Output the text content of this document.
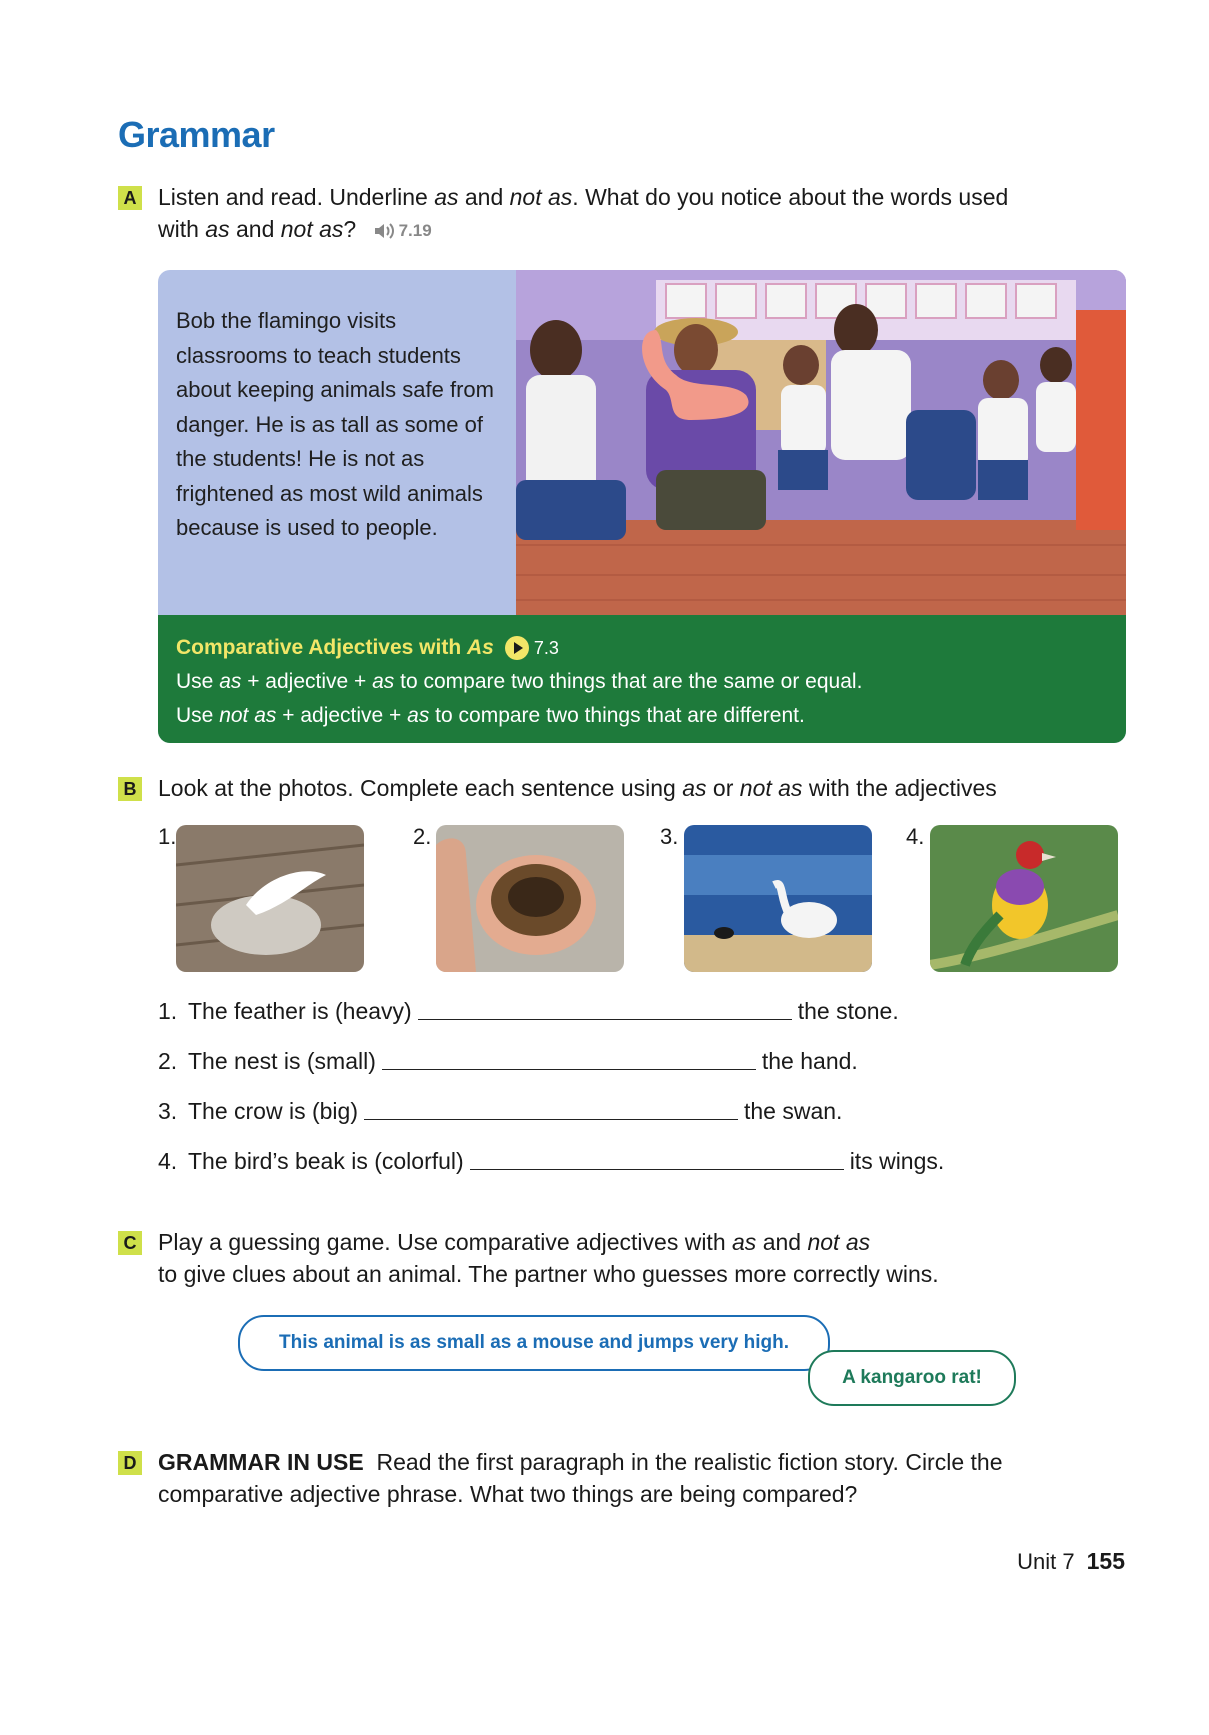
Grammar
A Listen and read. Underline as and not as. What do you notice about the words used
with as and not as? 7.19
Bob the flamingo visits classrooms to teach students about keeping animals safe from danger. He is as tall as some of the students! He is not as frightened as most wild animals because is used to people.
Comparative Adjectives with As 7.3
Use as + adjective + as to compare two things that are the same or equal.
Use not as + adjective + as to compare two things that are different.
B Look at the photos. Complete each sentence using as or not as with the adjectives
1.	2.	3.	4.
1. The feather is (heavy)	the stone.
2. The nest is (small)	the hand.
3. The crow is (big)	the swan.
4. The bird’s beak is (colorful)	its wings.
C Play a guessing game. Use comparative adjectives with as and not as
to give clues about an animal. The partner who guesses more correctly wins.
This animal is as small as a mouse and jumps very high.
A kangaroo rat!
D GRAMMAR IN USE Read the first paragraph in the realistic fiction story. Circle the
comparative adjective phrase. What two things are being compared?
Unit 7 155
